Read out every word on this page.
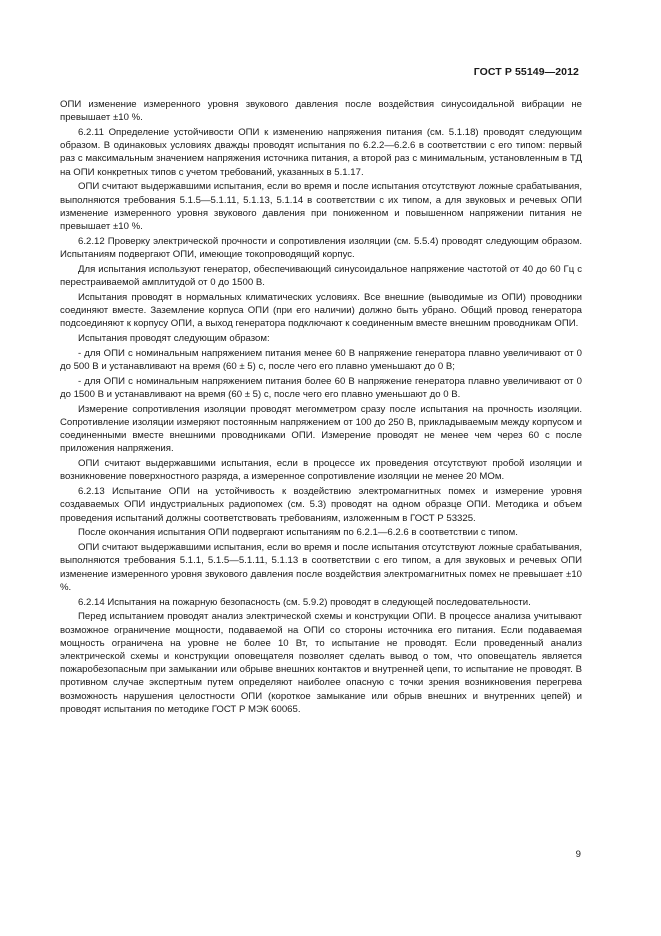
ГОСТ Р 55149—2012

ОПИ изменение измеренного уровня звукового давления после воздействия синусоидальной вибрации не превышает ±10 %.

6.2.11 Определение устойчивости ОПИ к изменению напряжения питания (см. 5.1.18) проводят следующим образом. В одинаковых условиях дважды проводят испытания по 6.2.2—6.2.6 в соответствии с его типом: первый раз с максимальным значением напряжения источника питания, а второй раз с минимальным, установленным в ТД на ОПИ конкретных типов с учетом требований, указанных в 5.1.17.

ОПИ считают выдержавшими испытания, если во время и после испытания отсутствуют ложные срабатывания, выполняются требования 5.1.5—5.1.11, 5.1.13, 5.1.14 в соответствии с их типом, а для звуковых и речевых ОПИ изменение измеренного уровня звукового давления при пониженном и повышенном напряжении питания не превышает ±10 %.

6.2.12 Проверку электрической прочности и сопротивления изоляции (см. 5.5.4) проводят следующим образом. Испытаниям подвергают ОПИ, имеющие токопроводящий корпус.

Для испытания используют генератор, обеспечивающий синусоидальное напряжение частотой от 40 до 60 Гц с перестраиваемой амплитудой от 0 до 1500 В.

Испытания проводят в нормальных климатических условиях. Все внешние (выводимые из ОПИ) проводники соединяют вместе. Заземление корпуса ОПИ (при его наличии) должно быть убрано. Общий провод генератора подсоединяют к корпусу ОПИ, а выход генератора подключают к соединенным вместе внешним проводникам ОПИ.

Испытания проводят следующим образом:

- для ОПИ с номинальным напряжением питания менее 60 В напряжение генератора плавно увеличивают от 0 до 500 В и устанавливают на время (60 ± 5) с, после чего его плавно уменьшают до 0 В;

- для ОПИ с номинальным напряжением питания более 60 В напряжение генератора плавно увеличивают от 0 до 1500 В и устанавливают на время (60 ± 5) с, после чего его плавно уменьшают до 0 В.

Измерение сопротивления изоляции проводят мегомметром сразу после испытания на прочность изоляции. Сопротивление изоляции измеряют постоянным напряжением от 100 до 250 В, прикладываемым между корпусом и соединенными вместе внешними проводниками ОПИ. Измерение проводят не менее чем через 60 с после приложения напряжения.

ОПИ считают выдержавшими испытания, если в процессе их проведения отсутствуют пробой изоляции и возникновение поверхностного разряда, а измеренное сопротивление изоляции не менее 20 МОм.

6.2.13 Испытание ОПИ на устойчивость к воздействию электромагнитных помех и измерение уровня создаваемых ОПИ индустриальных радиопомех (см. 5.3) проводят на одном образце ОПИ. Методика и объем проведения испытаний должны соответствовать требованиям, изложенным в ГОСТ Р 53325.

После окончания испытания ОПИ подвергают испытаниям по 6.2.1—6.2.6 в соответствии с типом.

ОПИ считают выдержавшими испытания, если во время и после испытания отсутствуют ложные срабатывания, выполняются требования 5.1.1, 5.1.5—5.1.11, 5.1.13 в соответствии с его типом, а для звуковых и речевых ОПИ изменение измеренного уровня звукового давления после воздействия электромагнитных помех не превышает ±10 %.

6.2.14 Испытания на пожарную безопасность (см. 5.9.2) проводят в следующей последовательности.

Перед испытанием проводят анализ электрической схемы и конструкции ОПИ. В процессе анализа учитывают возможное ограничение мощности, подаваемой на ОПИ со стороны источника его питания. Если подаваемая мощность ограничена на уровне не более 10 Вт, то испытание не проводят. Если проведенный анализ электрической схемы и конструкции оповещателя позволяет сделать вывод о том, что оповещатель является пожаробезопасным при замыкании или обрыве внешних контактов и внутренней цепи, то испытание не проводят. В противном случае экспертным путем определяют наиболее опасную с точки зрения возникновения перегрева возможность нарушения целостности ОПИ (короткое замыкание или обрыв внешних и внутренних цепей) и проводят испытания по методике ГОСТ Р МЭК 60065.

9
